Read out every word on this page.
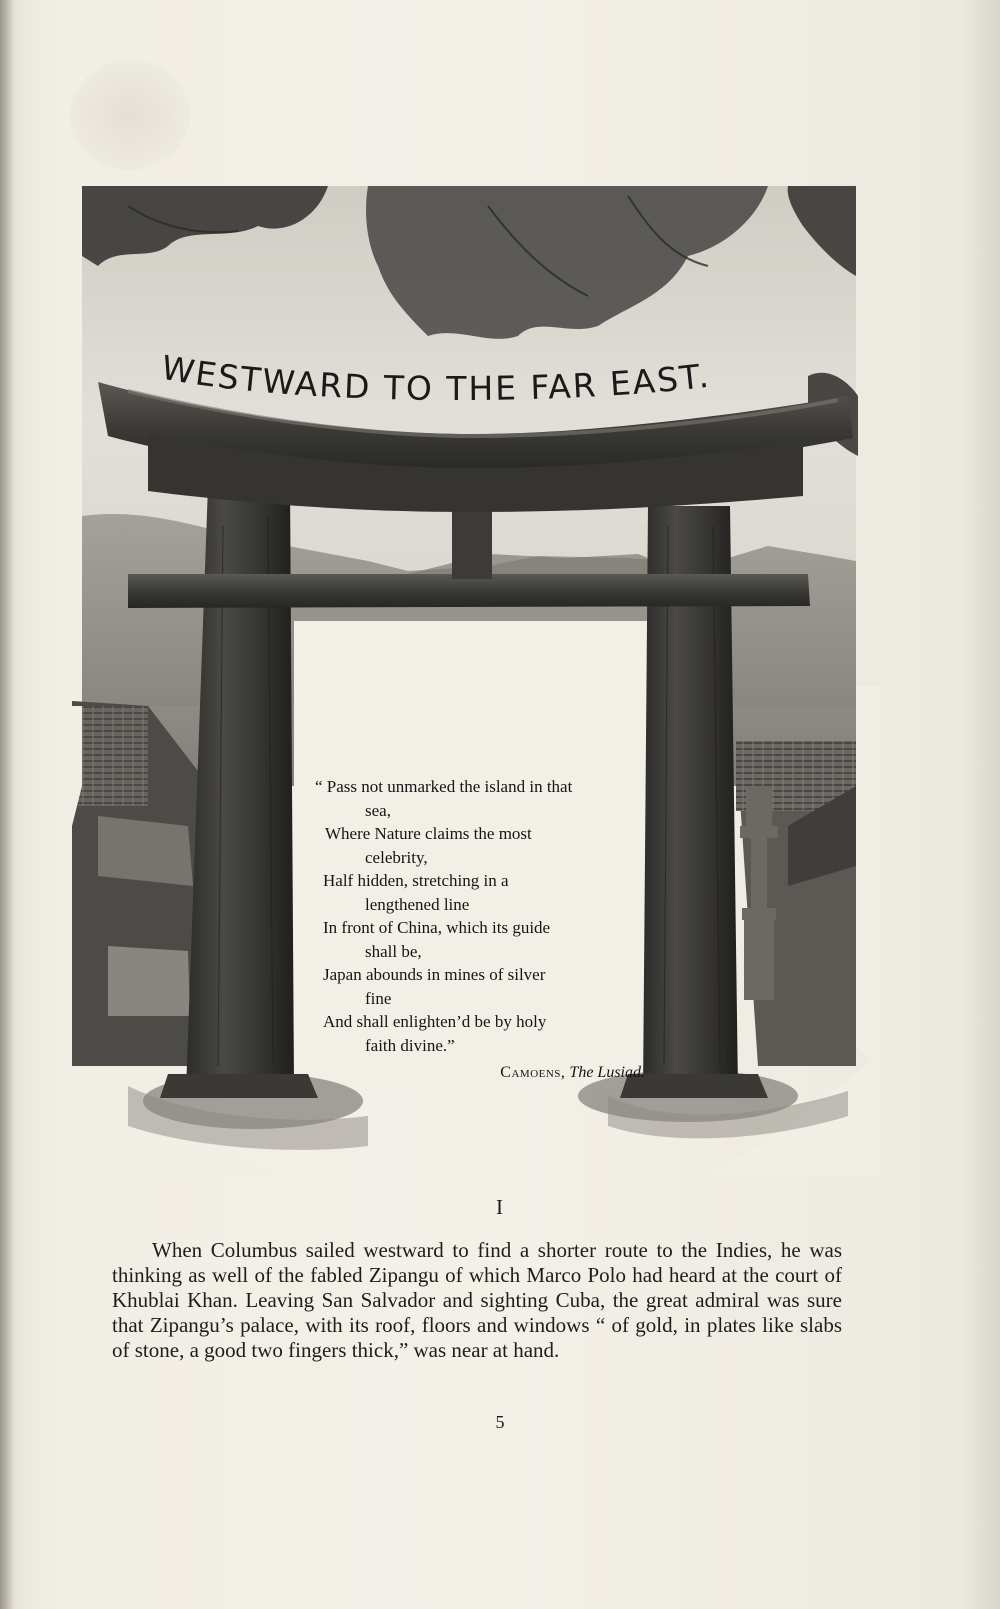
WESTWARD TO THE FAR EAST.
“ Pass not unmarked the island in that
sea,
Where Nature claims the most
celebrity,
Half hidden, stretching in a
lengthened line
In front of China, which its guide
shall be,
Japan abounds in mines of silver
fine
And shall enlighten’d be by holy
faith divine.”
Camoens, The Lusiad.
I

When Columbus sailed westward to find a shorter route to the Indies, he was thinking as well of the fabled Zipangu of which Marco Polo had heard at the court of Khublai Khan. Leaving San Salvador and sighting Cuba, the great admiral was sure that Zipangu’s palace, with its roof, floors and windows “ of gold, in plates like slabs of stone, a good two fingers thick,” was near at hand.

5
